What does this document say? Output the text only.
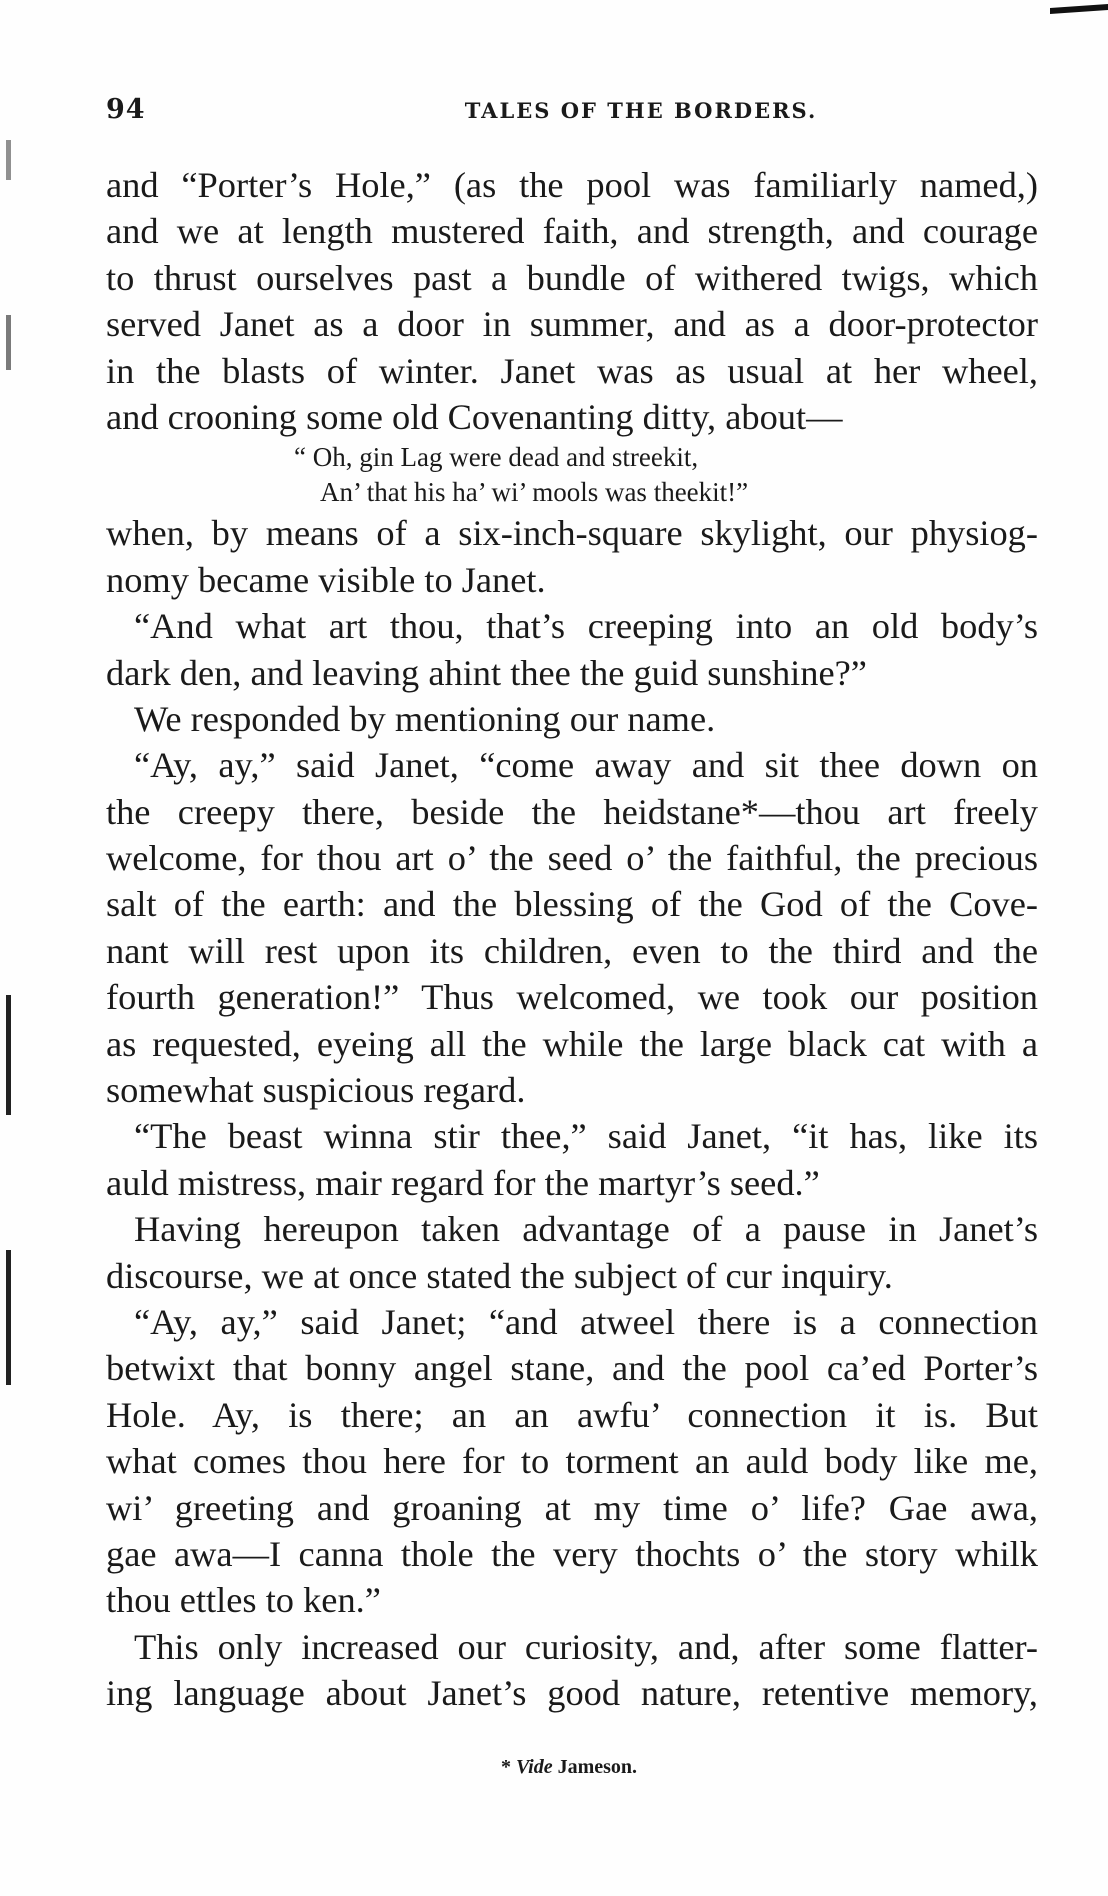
94	TALES OF THE BORDERS.
and “Porter’s Hole,” (as the pool was familiarly named,)
and we at length mustered faith, and strength, and courage
to thrust ourselves past a bundle of withered twigs, which
served Janet as a door in summer, and as a door-protector
in the blasts of winter. Janet was as usual at her wheel,
and crooning some old Covenanting ditty, about—
“ Oh, gin Lag were dead and streekit,
An’ that his ha’ wi’ mools was theekit!”
when, by means of a six-inch-square skylight, our physiog-
nomy became visible to Janet.
“And what art thou, that’s creeping into an old body’s
dark den, and leaving ahint thee the guid sunshine?”
We responded by mentioning our name.
“Ay, ay,” said Janet, “come away and sit thee down on
the creepy there, beside the heidstane*—thou art freely
welcome, for thou art o’ the seed o’ the faithful, the precious
salt of the earth: and the blessing of the God of the Cove-
nant will rest upon its children, even to the third and the
fourth generation!” Thus welcomed, we took our position
as requested, eyeing all the while the large black cat with a
somewhat suspicious regard.
“The beast winna stir thee,” said Janet, “it has, like its
auld mistress, mair regard for the martyr’s seed.”
Having hereupon taken advantage of a pause in Janet’s
discourse, we at once stated the subject of cur inquiry.
“Ay, ay,” said Janet; “and atweel there is a connection
betwixt that bonny angel stane, and the pool ca’ed Porter’s
Hole. Ay, is there; an an awfu’ connection it is. But
what comes thou here for to torment an auld body like me,
wi’ greeting and groaning at my time o’ life? Gae awa,
gae awa—I canna thole the very thochts o’ the story whilk
thou ettles to ken.”
This only increased our curiosity, and, after some flatter-
ing language about Janet’s good nature, retentive memory,
* Vide Jameson.
